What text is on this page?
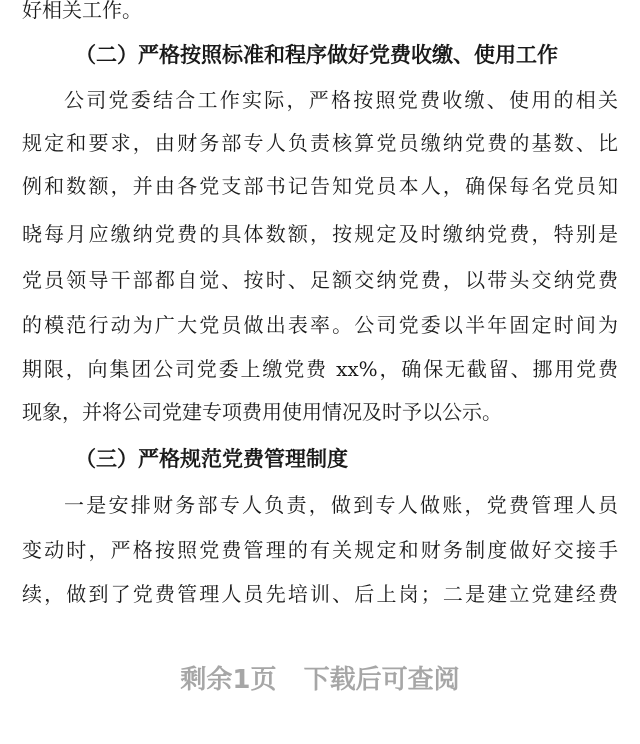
好相关工作。
（二）严格按照标准和程序做好党费收缴、使用工作
公司党委结合工作实际，严格按照党费收缴、使用的相关
规定和要求，由财务部专人负责核算党员缴纳党费的基数、比
例和数额，并由各党支部书记告知党员本人，确保每名党员知
晓每月应缴纳党费的具体数额，按规定及时缴纳党费，特别是
党员领导干部都自觉、按时、足额交纳党费，以带头交纳党费
的模范行动为广大党员做出表率。公司党委以半年固定时间为
期限，向集团公司党委上缴党费 xx%，确保无截留、挪用党费
现象，并将公司党建专项费用使用情况及时予以公示。
（三）严格规范党费管理制度
一是安排财务部专人负责，做到专人做账，党费管理人员
变动时，严格按照党费管理的有关规定和财务制度做好交接手
续，做到了党费管理人员先培训、后上岗；二是建立党建经费
剩余1页   下载后可查阅
